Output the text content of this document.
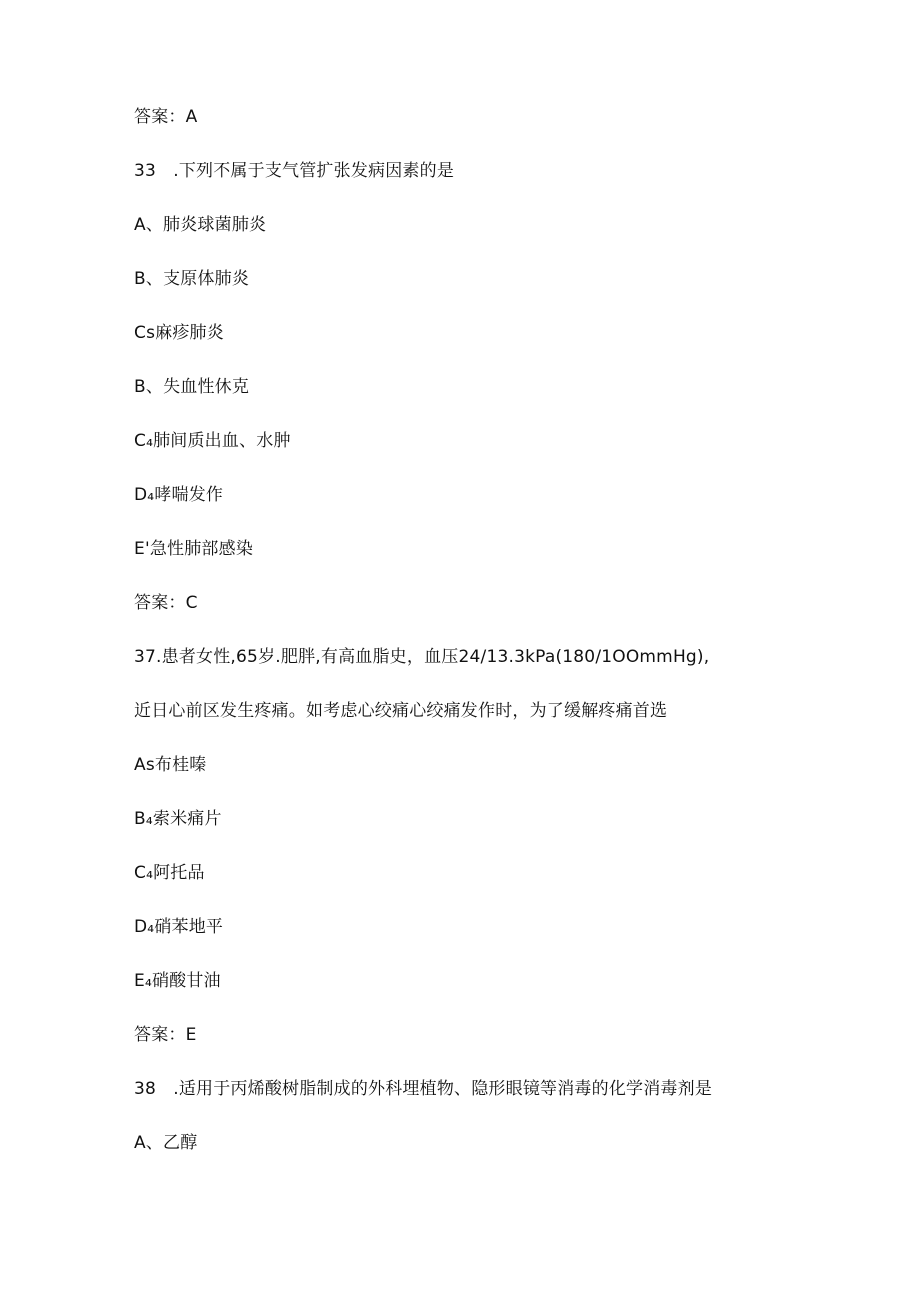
答案：A
33　.下列不属于支气管扩张发病因素的是
A、肺炎球菌肺炎
B、支原体肺炎
Cs麻疹肺炎
B、失血性休克
C₄肺间质出血、水肿
D₄哮喘发作
E'急性肺部感染
答案：C
37.患者女性,65岁.肥胖,有高血脂史，血压24/13.3kPa(180/1OOmmHg),
近日心前区发生疼痛。如考虑心绞痛心绞痛发作时，为了缓解疼痛首选
As布桂嗪
B₄索米痛片
C₄阿托品
D₄硝苯地平
E₄硝酸甘油
答案：E
38　.适用于丙烯酸树脂制成的外科埋植物、隐形眼镜等消毒的化学消毒剂是
A、乙醇
